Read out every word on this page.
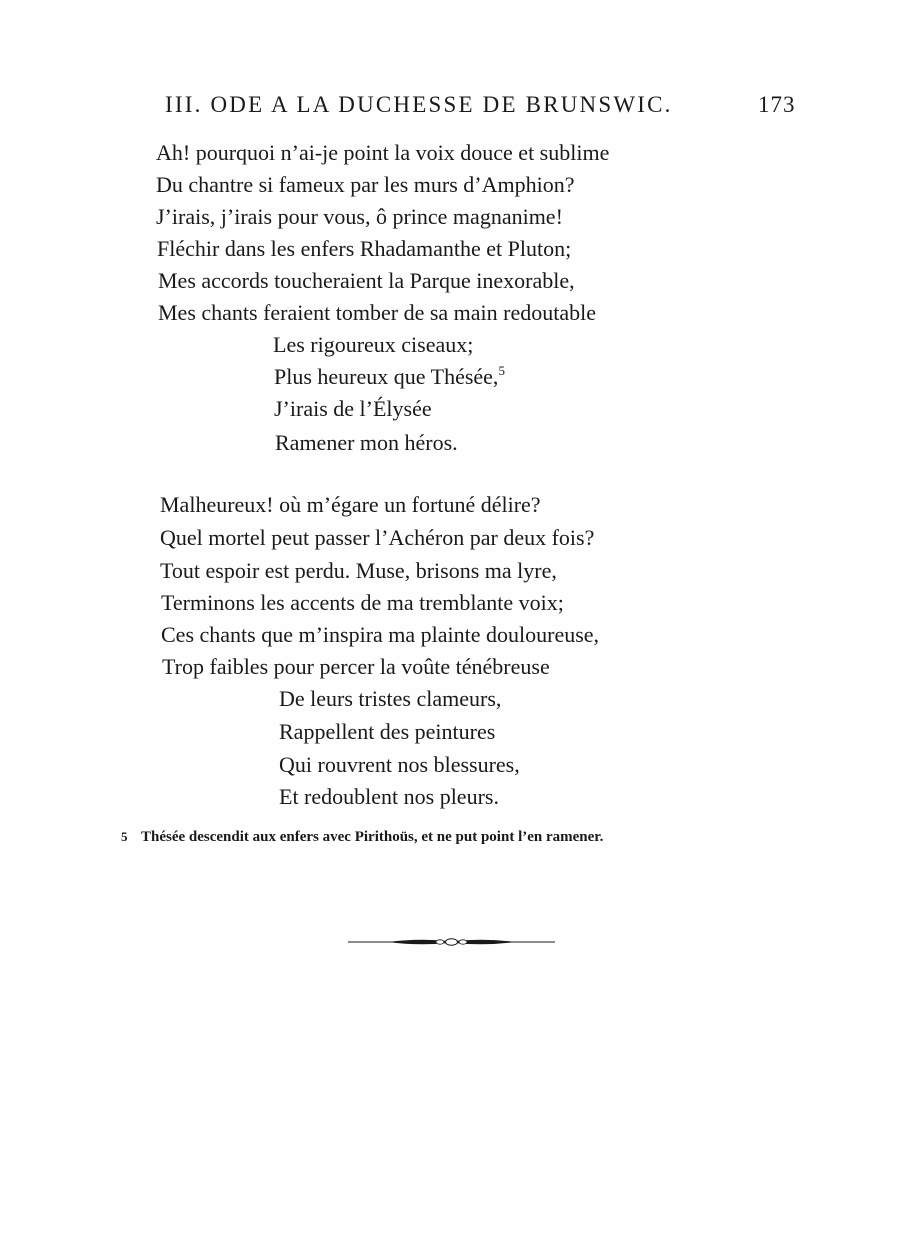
III. ODE A LA DUCHESSE DE BRUNSWIC.	173
Ah! pourquoi n’ai-je point la voix douce et sublime
Du chantre si fameux par les murs d’Amphion?
J’irais, j’irais pour vous, ô prince magnanime!
Fléchir dans les enfers Rhadamanthe et Pluton;
Mes accords toucheraient la Parque inexorable,
Mes chants feraient tomber de sa main redoutable
Les rigoureux ciseaux;
Plus heureux que Thésée,$^5$
J’irais de l’Élysée
Ramener mon héros.
Malheureux! où m’égare un fortuné délire?
Quel mortel peut passer l’Achéron par deux fois?
Tout espoir est perdu. Muse, brisons ma lyre,
Terminons les accents de ma tremblante voix;
Ces chants que m’inspira ma plainte douloureuse,
Trop faibles pour percer la voûte ténébreuse
De leurs tristes clameurs,
Rappellent des peintures
Qui rouvrent nos blessures,
Et redoublent nos pleurs.
5 Thésée descendit aux enfers avec Pirithoüs, et ne put point l’en ramener.
